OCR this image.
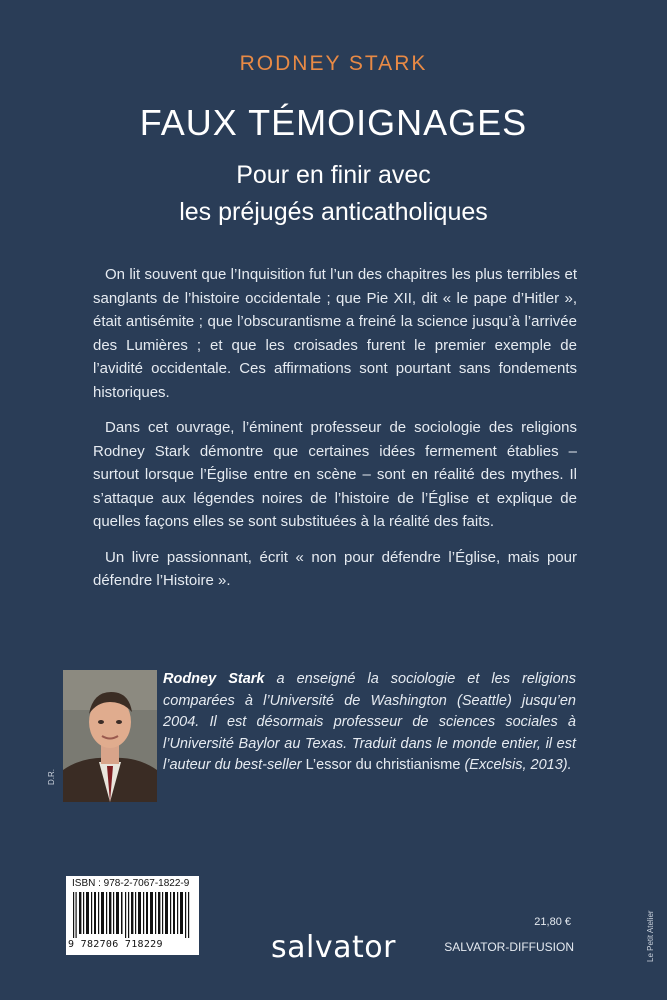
RODNEY STARK
FAUX TÉMOIGNAGES
Pour en finir avec
les préjugés anticatholiques

On lit souvent que l’Inquisition fut l’un des chapitres les plus terribles et sanglants de l’histoire occidentale ; que Pie XII, dit « le pape d’Hitler », était antisémite ; que l’obscurantisme a freiné la science jusqu’à l’arrivée des Lumières ; et que les croisades furent le premier exemple de l’avidité occidentale. Ces affirmations sont pourtant sans fondements historiques.

Dans cet ouvrage, l’éminent professeur de sociologie des religions Rodney Stark démontre que certaines idées fermement établies – surtout lorsque l’Église entre en scène – sont en réalité des mythes. Il s’attaque aux légendes noires de l’histoire de l’Église et explique de quelles façons elles se sont substituées à la réalité des faits.

Un livre passionnant, écrit « non pour défendre l’Église, mais pour défendre l’Histoire ».

D.R.
Rodney Stark a enseigné la sociologie et les religions comparées à l’Université de Washington (Seattle) jusqu’en 2004. Il est désormais professeur de sciences sociales à l’Université Baylor au Texas. Traduit dans le monde entier, il est l’auteur du best-seller L’essor du christianisme (Excelsis, 2013).
ISBN : 978-2-7067-1822-9
9 782706 718229	salvator
21,80 €
SALVATOR-DIFFUSION	Le Petit Atelier
